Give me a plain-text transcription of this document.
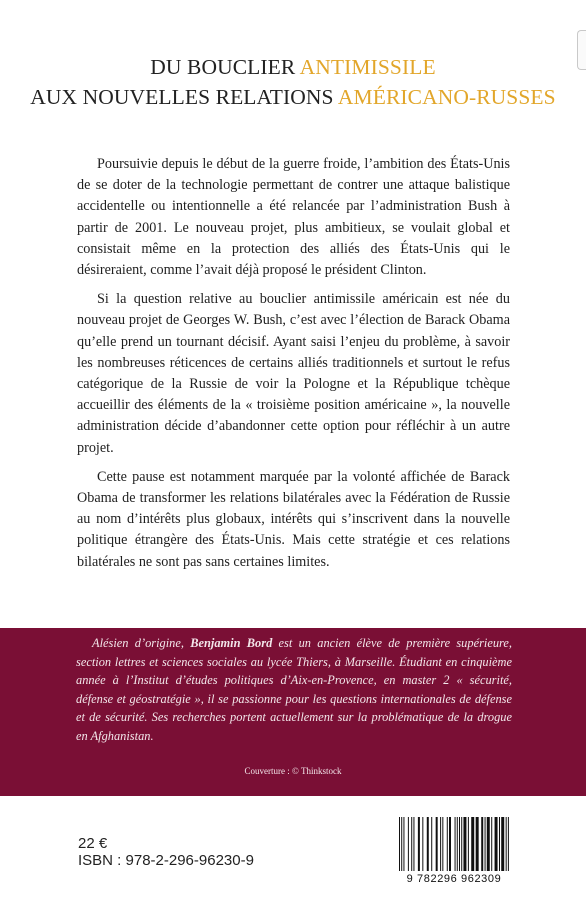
DU BOUCLIER ANTIMISSILE
AUX NOUVELLES RELATIONS AMÉRICANO-RUSSES

Poursuivie depuis le début de la guerre froide, l’ambition des États-Unis de se doter de la technologie permettant de contrer une attaque balistique accidentelle ou intentionnelle a été relancée par l’administration Bush à partir de 2001. Le nouveau projet, plus ambitieux, se voulait global et consistait même en la protection des alliés des États-Unis qui le désireraient, comme l’avait déjà proposé le président Clinton.

Si la question relative au bouclier antimissile américain est née du nouveau projet de Georges W. Bush, c’est avec l’élection de Barack Obama qu’elle prend un tournant décisif. Ayant saisi l’enjeu du problème, à savoir les nombreuses réticences de certains alliés traditionnels et surtout le refus catégorique de la Russie de voir la Pologne et la République tchèque accueillir des éléments de la « troisième position américaine », la nouvelle administration décide d’abandonner cette option pour réfléchir à un autre projet.

Cette pause est notamment marquée par la volonté affichée de Barack Obama de transformer les relations bilatérales avec la Fédération de Russie au nom d’intérêts plus globaux, intérêts qui s’inscrivent dans la nouvelle politique étrangère des États-Unis. Mais cette stratégie et ces relations bilatérales ne sont pas sans certaines limites.

Alésien d’origine, Benjamin Bord est un ancien élève de première supérieure, section lettres et sciences sociales au lycée Thiers, à Marseille. Étudiant en cinquième année à l’Institut d’études politiques d’Aix-en-Provence, en master 2 « sécurité, défense et géostratégie », il se passionne pour les questions internationales de défense et de sécurité. Ses recherches portent actuellement sur la problématique de la drogue en Afghanistan.
Couverture : © Thinkstock
22 €
ISBN : 978-2-296-96230-9
9 782296 962309
